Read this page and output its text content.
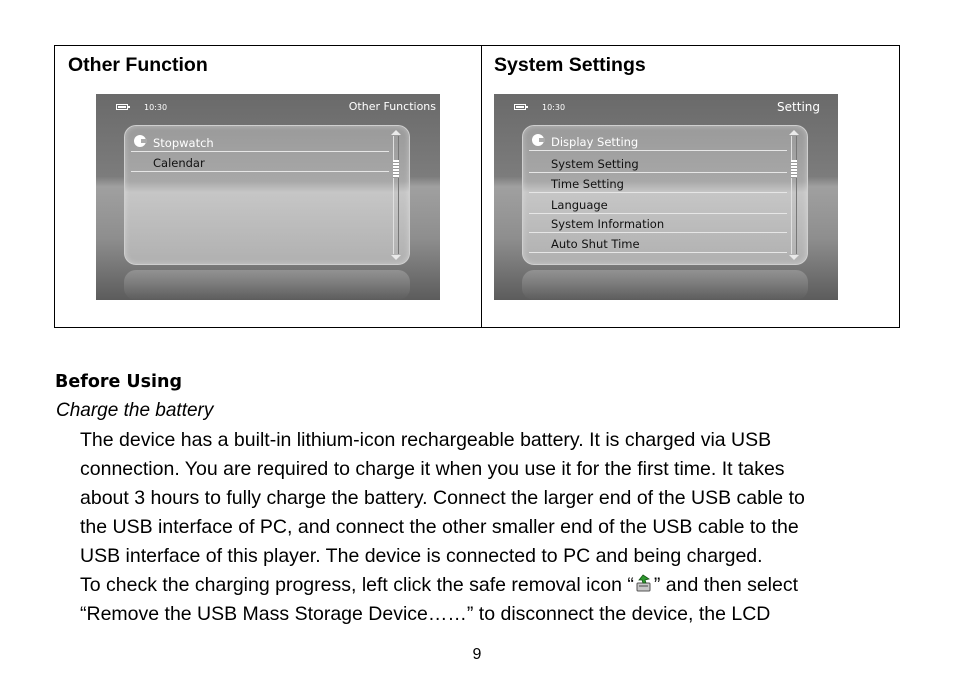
Other Function
10:30	Other Functions
Stopwatch
Calendar
System Settings
10:30	Setting
Display Setting
System Setting
Time Setting
Language
System Information
Auto Shut Time
Before Using
Charge the battery
The device has a built-in lithium-icon rechargeable battery. It is charged via USB
connection. You are required to charge it when you use it for the first time. It takes
about 3 hours to fully charge the battery. Connect the larger end of the USB cable to
the USB interface of PC, and connect the other smaller end of the USB cable to the
USB interface of this player. The device is connected to PC and being charged.
To check the charging progress, left click the safe removal icon “ ” and then select
“Remove the USB Mass Storage Device……” to disconnect the device, the LCD
9
